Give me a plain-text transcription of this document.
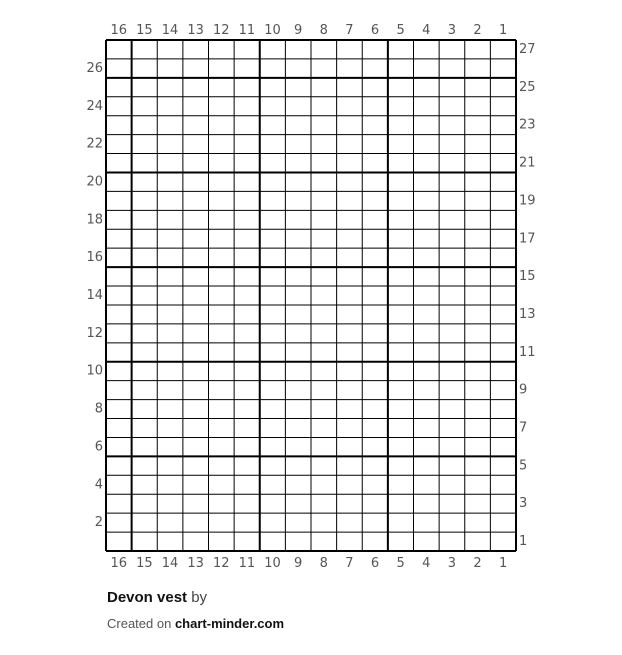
16 15 14 13 12 11 10 9 8 7 6 5 4 3 2 1
16 15 14 13 12 11 10 9 8 7 6 5 4 3 2 1
26
24
22
20
18
16
14
12
10
8
6
4
2
27
25
23
21
19
17
15
13
11
9
7
5
3
1
Devon vest by
Created on chart-minder.com
